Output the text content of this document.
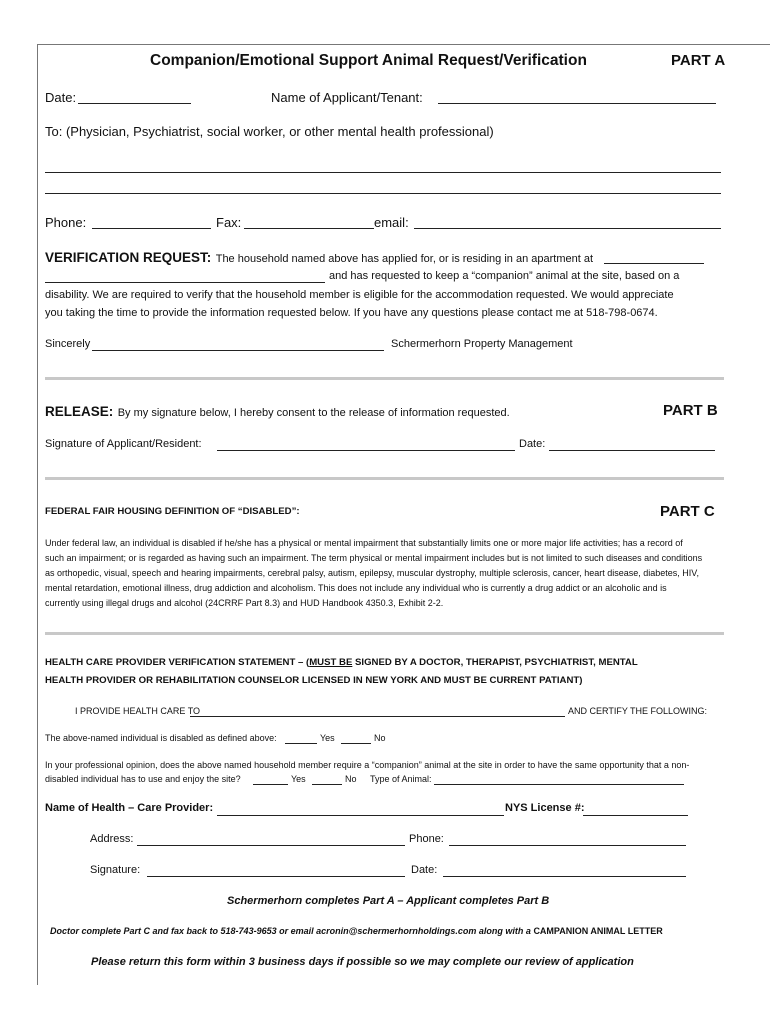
Companion/Emotional Support Animal Request/Verification	PART A
Date:	Name of Applicant/Tenant:
To: (Physician, Psychiatrist, social worker, or other mental health professional)
Phone:	Fax:	email:
VERIFICATION REQUEST: The household named above has applied for, or is residing in an apartment at
and has requested to keep a “companion” animal at the site, based on a
disability. We are required to verify that the household member is eligible for the accommodation requested. We would appreciate
you taking the time to provide the information requested below. If you have any questions please contact me at 518-798-0674.
Sincerely	Schermerhorn Property Management
RELEASE: By my signature below, I hereby consent to the release of information requested.	PART B
Signature of Applicant/Resident:	Date:
FEDERAL FAIR HOUSING DEFINITION OF “DISABLED”:	PART C
Under federal law, an individual is disabled if he/she has a physical or mental impairment that substantially limits one or more major life activities; has a record of
such an impairment; or is regarded as having such an impairment. The term physical or mental impairment includes but is not limited to such diseases and conditions
as orthopedic, visual, speech and hearing impairments, cerebral palsy, autism, epilepsy, muscular dystrophy, multiple sclerosis, cancer, heart disease, diabetes, HIV,
mental retardation, emotional illness, drug addiction and alcoholism. This does not include any individual who is currently a drug addict or an alcoholic and is
currently using illegal drugs and alcohol (24CRRF Part 8.3) and HUD Handbook 4350.3, Exhibit 2-2.
HEALTH CARE PROVIDER VERIFICATION STATEMENT – (MUST BE SIGNED BY A DOCTOR, THERAPIST, PSYCHIATRIST, MENTAL
HEALTH PROVIDER OR REHABILITATION COUNSELOR LICENSED IN NEW YORK AND MUST BE CURRENT PATIANT)
I PROVIDE HEALTH CARE TO	AND CERTIFY THE FOLLOWING:
The above-named individual is disabled as defined above:	Yes	No
In your professional opinion, does the above named household member require a “companion” animal at the site in order to have the same opportunity that a non-
disabled individual has to use and enjoy the site?	Yes	No Type of Animal:
Name of Health – Care Provider:	NYS License #:
Address:	Phone:
Signature:	Date:
Schermerhorn completes Part A – Applicant completes Part B
Doctor complete Part C and fax back to 518-743-9653 or email acronin@schermerhornholdings.com along with a CAMPANION ANIMAL LETTER
Please return this form within 3 business days if possible so we may complete our review of application
